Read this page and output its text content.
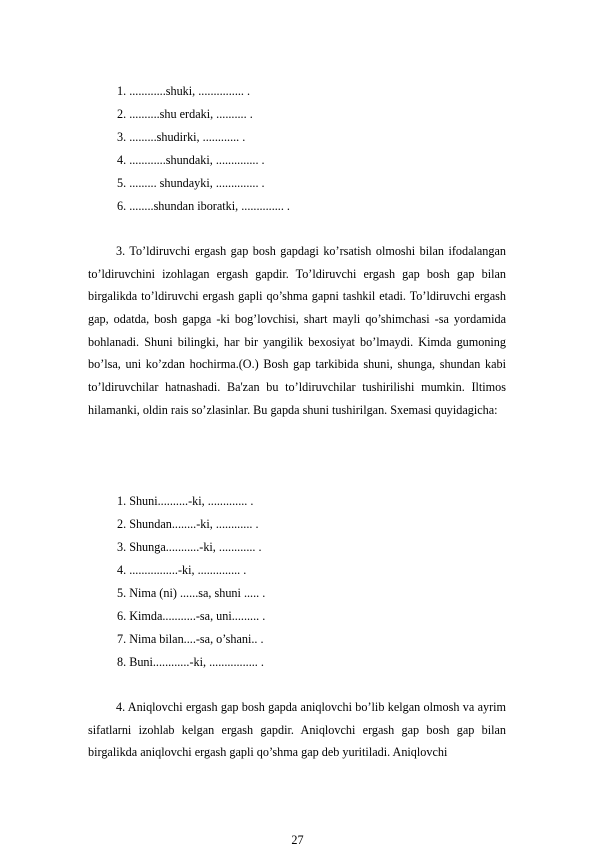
1. ............shuki, ............... .
2. ..........shu erdaki, .......... .
3. .........shudirki, ............ .
4. ............shundaki, .............. .
5. ......... shundayki, .............. .
6. ........shundan iboratki, .............. .

3. To’ldiruvchi ergash gap bosh gapdagi ko’rsatish olmoshi bilan ifodalangan to’ldiruvchini izohlagan ergash gapdir. To’ldiruvchi ergash gap bosh gap bilan birgalikda to’ldiruvchi ergash gapli qo’shma gapni tashkil etadi. To’ldiruvchi ergash gap, odatda, bosh gapga -ki bog’lovchisi, shart mayli qo’shimchasi -sa yordamida bohlanadi. Shuni bilingki, har bir yangilik bexosiyat bo’lmaydi. Kimda gumoning bo’lsa, uni ko’zdan hochirma.(O.) Bosh gap tarkibida shuni, shunga, shundan kabi to’ldiruvchilar hatnashadi. Ba'zan bu to’ldiruvchilar tushirilishi mumkin. Iltimos hilamanki, oldin rais so’zlasinlar. Bu gapda shuni tushirilgan. Sxemasi quyidagicha:

1. Shuni..........-ki, ............. .
2. Shundan........-ki, ............ .
3. Shunga...........-ki, ............ .
4. ................-ki, .............. .
5. Nima (ni) ......sa, shuni ..... .
6. Kimda...........-sa, uni......... .
7. Nima bilan....-sa, o’shani.. .
8. Buni............-ki, ................ .

4. Aniqlovchi ergash gap bosh gapda aniqlovchi bo’lib kelgan olmosh va ayrim sifatlarni izohlab kelgan ergash gapdir. Aniqlovchi ergash gap bosh gap bilan birgalikda aniqlovchi ergash gapli qo’shma gap deb yuritiladi. Aniqlovchi

27
